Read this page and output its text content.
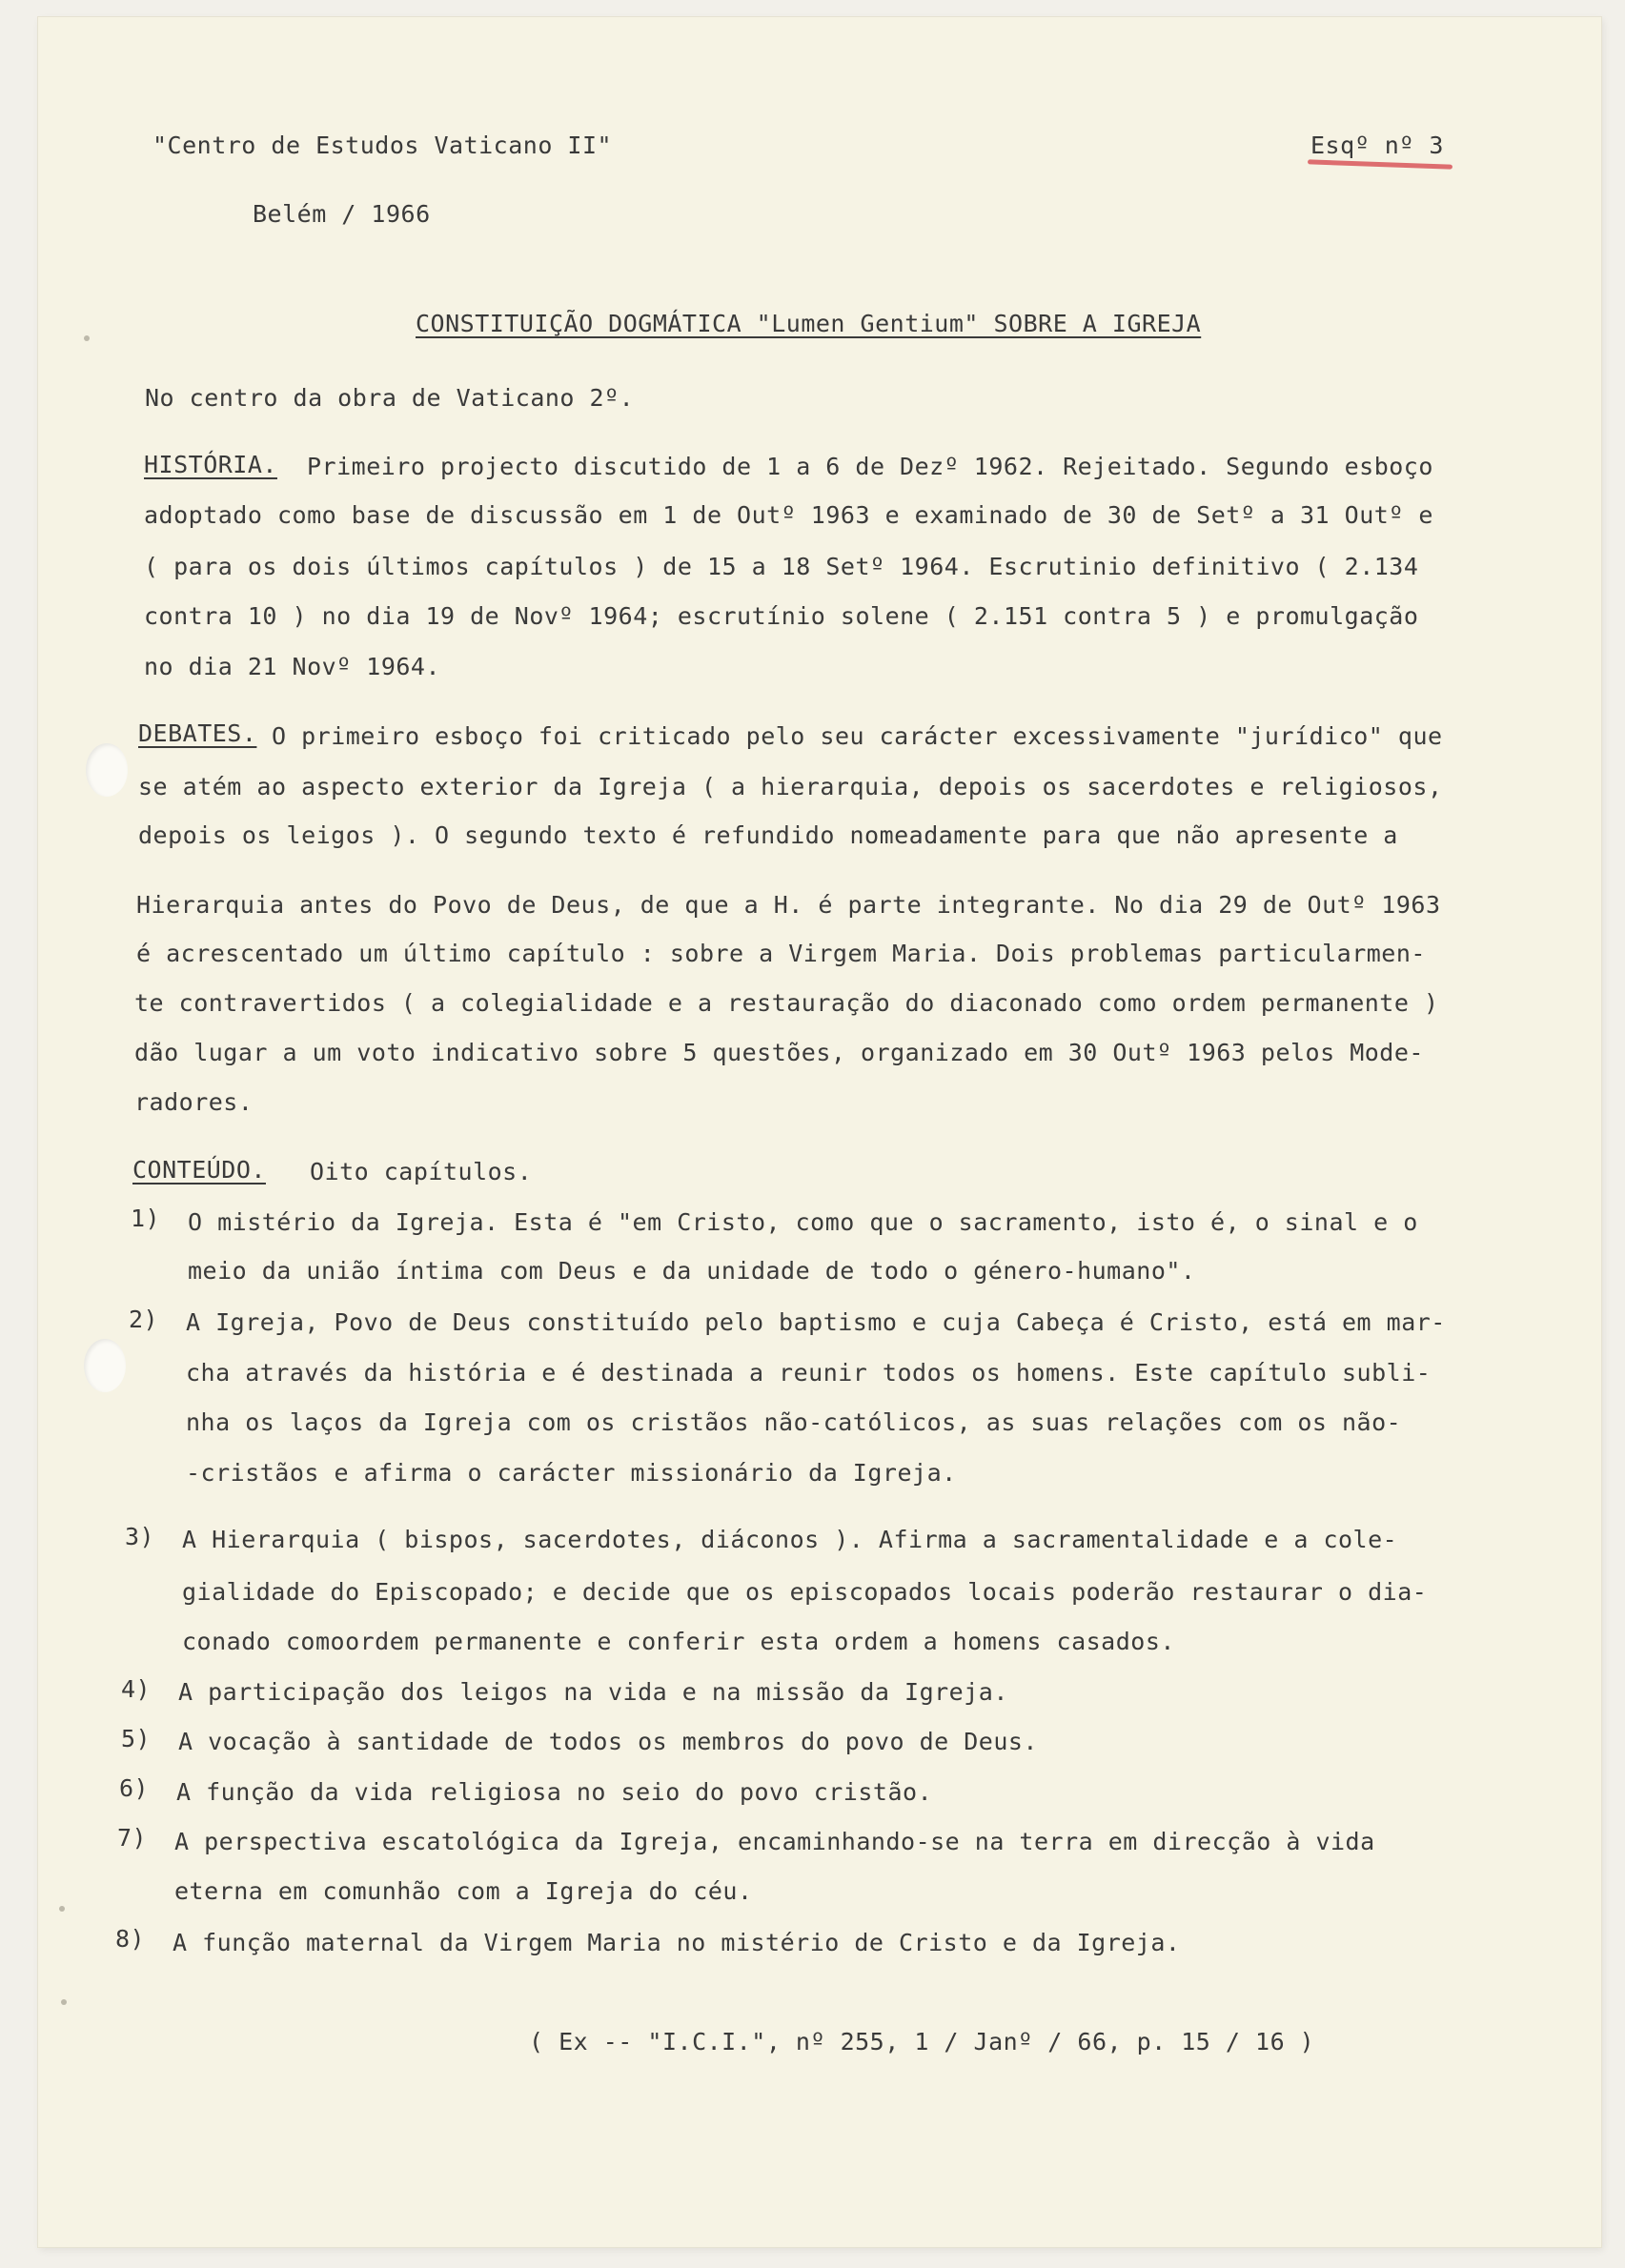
"Centro de Estudos Vaticano II"	Esqº nº 3
Belém / 1966
CONSTITUIÇÃO DOGMÁTICA "Lumen Gentium" SOBRE A IGREJA
No centro da obra de Vaticano 2º.
HISTÓRIA. Primeiro projecto discutido de 1 a 6 de Dezº 1962. Rejeitado. Segundo esboço
adoptado como base de discussão em 1 de Outº 1963 e examinado de 30 de Setº a 31 Outº e
( para os dois últimos capítulos ) de 15 a 18 Setº 1964. Escrutinio definitivo ( 2.134
contra 10 ) no dia 19 de Novº 1964; escrutínio solene ( 2.151 contra 5 ) e promulgação
no dia 21 Novº 1964.
DEBATES. O primeiro esboço foi criticado pelo seu carácter excessivamente "jurídico" que
se atém ao aspecto exterior da Igreja ( a hierarquia, depois os sacerdotes e religiosos,
depois os leigos ). O segundo texto é refundido nomeadamente para que não apresente a
Hierarquia antes do Povo de Deus, de que a H. é parte integrante. No dia 29 de Outº 1963
é acrescentado um último capítulo : sobre a Virgem Maria. Dois problemas particularmen-
te contravertidos ( a colegialidade e a restauração do diaconado como ordem permanente )
dão lugar a um voto indicativo sobre 5 questões, organizado em 30 Outº 1963 pelos Mode-
radores.
CONTEÚDO. Oito capítulos.
1) O mistério da Igreja. Esta é "em Cristo, como que o sacramento, isto é, o sinal e o
meio da união íntima com Deus e da unidade de todo o género-humano".
2) A Igreja, Povo de Deus constituído pelo baptismo e cuja Cabeça é Cristo, está em mar-
cha através da história e é destinada a reunir todos os homens. Este capítulo subli-
nha os laços da Igreja com os cristãos não-católicos, as suas relações com os não-
-cristãos e afirma o carácter missionário da Igreja.
3) A Hierarquia ( bispos, sacerdotes, diáconos ). Afirma a sacramentalidade e a cole-
gialidade do Episcopado; e decide que os episcopados locais poderão restaurar o dia-
conado comoordem permanente e conferir esta ordem a homens casados.
4) A participação dos leigos na vida e na missão da Igreja.
5) A vocação à santidade de todos os membros do povo de Deus.
6) A função da vida religiosa no seio do povo cristão.
7) A perspectiva escatológica da Igreja, encaminhando-se na terra em direcção à vida
eterna em comunhão com a Igreja do céu.
8) A função maternal da Virgem Maria no mistério de Cristo e da Igreja.
( Ex -- "I.C.I.", nº 255, 1 / Janº / 66, p. 15 / 16 )
